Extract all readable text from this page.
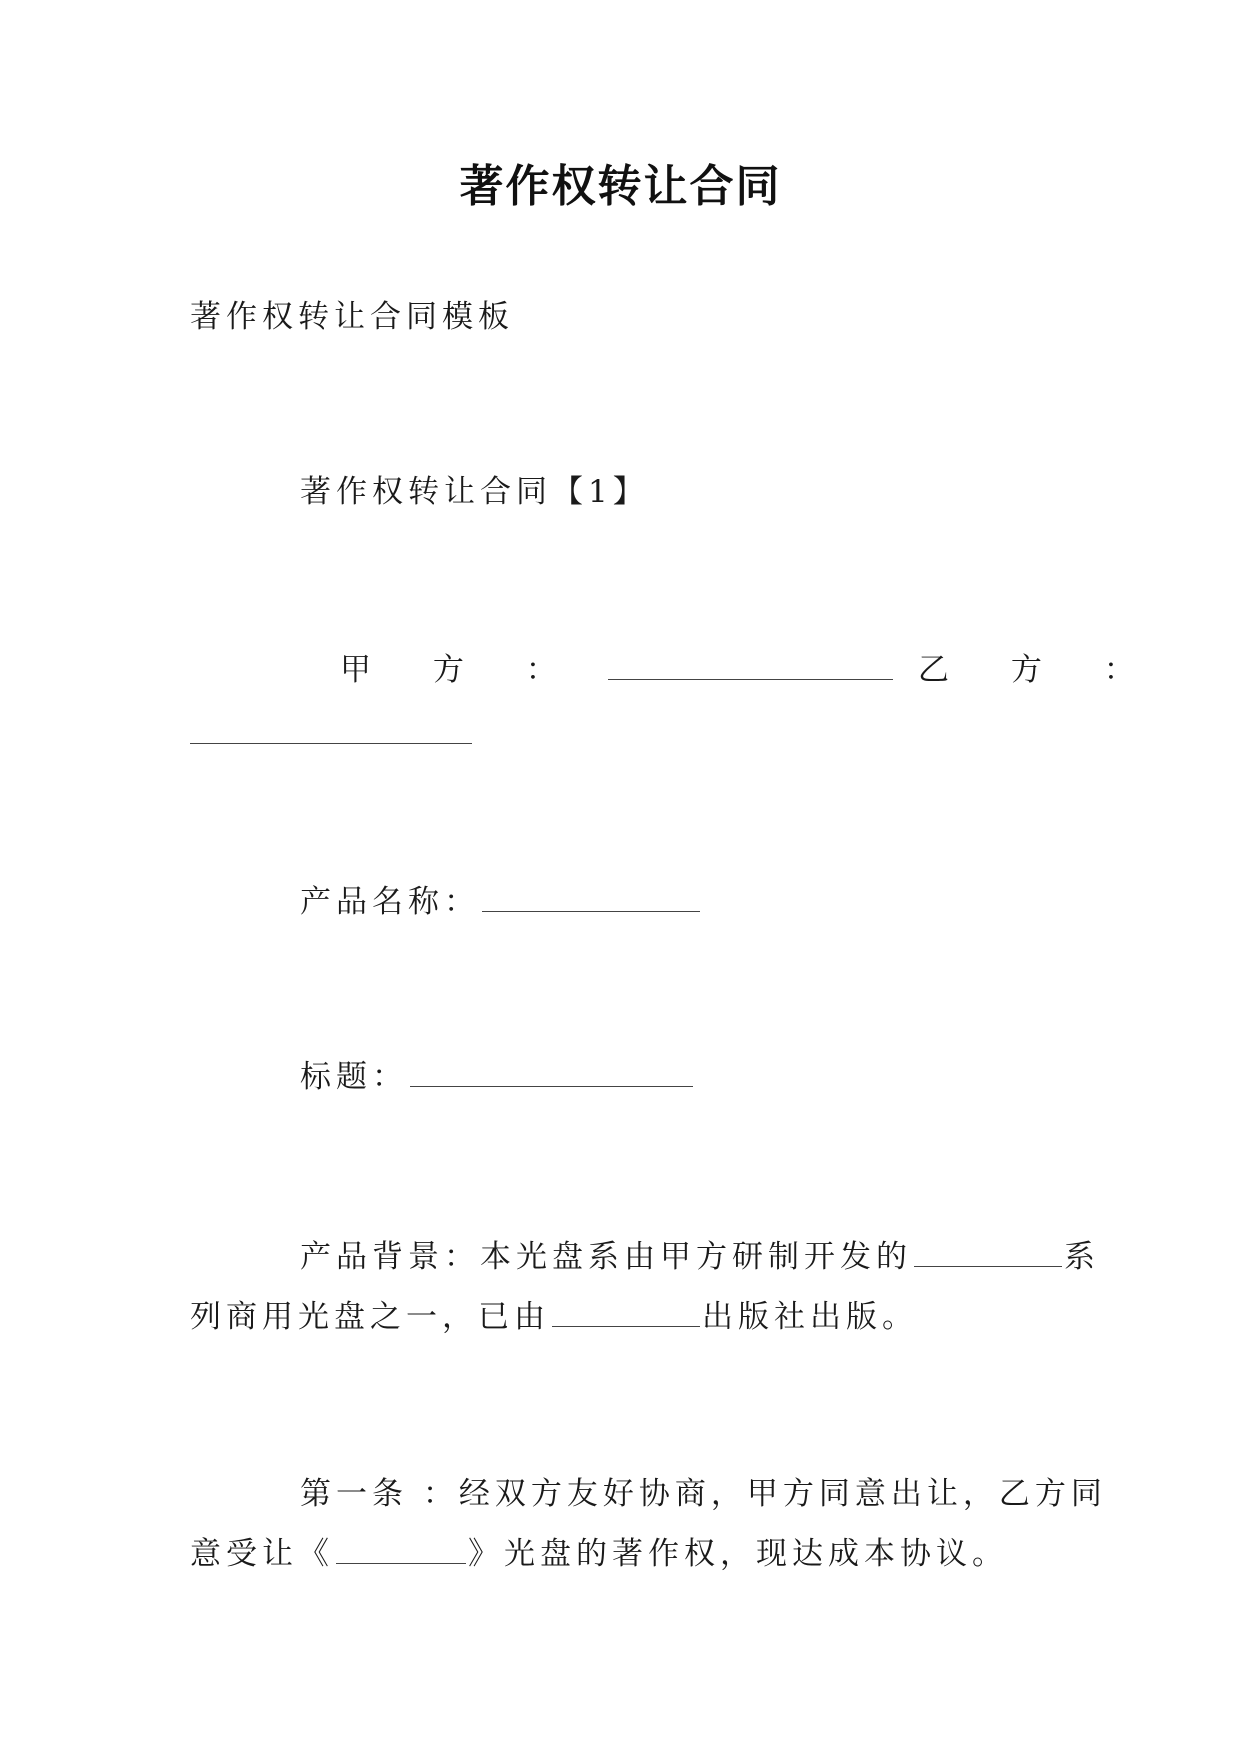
著作权转让合同
著作权转让合同模板
著作权转让合同【1】
甲 方 ：	乙 方 ：
产品名称：
标题：
产品背景：本光盘系由甲方研制开发的	系
列商用光盘之一，已由	出版社出版。
第一条 ：经双方友好协商，甲方同意出让，乙方同
意受让《	》光盘的著作权，现达成本协议。
